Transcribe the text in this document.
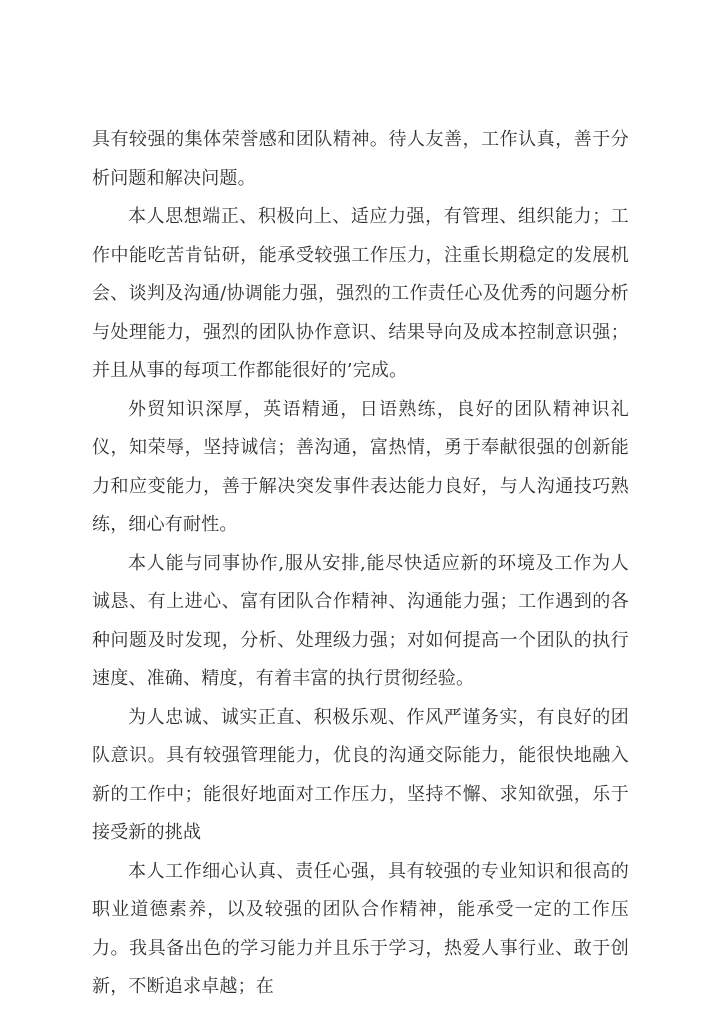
具有较强的集体荣誉感和团队精神。待人友善，工作认真，善于分析问题和解决问题。

本人思想端正、积极向上、适应力强，有管理、组织能力；工作中能吃苦肯钻研，能承受较强工作压力，注重长期稳定的发展机会、谈判及沟通/协调能力强，强烈的工作责任心及优秀的问题分析与处理能力，强烈的团队协作意识、结果导向及成本控制意识强；并且从事的每项工作都能很好的’完成。

外贸知识深厚，英语精通，日语熟练，良好的团队精神识礼仪，知荣辱，坚持诚信；善沟通，富热情，勇于奉献很强的创新能力和应变能力，善于解决突发事件表达能力良好，与人沟通技巧熟练，细心有耐性。

本人能与同事协作,服从安排,能尽快适应新的环境及工作为人诚恳、有上进心、富有团队合作精神、沟通能力强；工作遇到的各种问题及时发现，分析、处理级力强；对如何提高一个团队的执行速度、准确、精度，有着丰富的执行贯彻经验。

为人忠诚、诚实正直、积极乐观、作风严谨务实，有良好的团队意识。具有较强管理能力，优良的沟通交际能力，能很快地融入新的工作中；能很好地面对工作压力，坚持不懈、求知欲强，乐于接受新的挑战

本人工作细心认真、责任心强，具有较强的专业知识和很高的职业道德素养，以及较强的团队合作精神，能承受一定的工作压力。我具备出色的学习能力并且乐于学习，热爱人事行业、敢于创新，不断追求卓越；在
